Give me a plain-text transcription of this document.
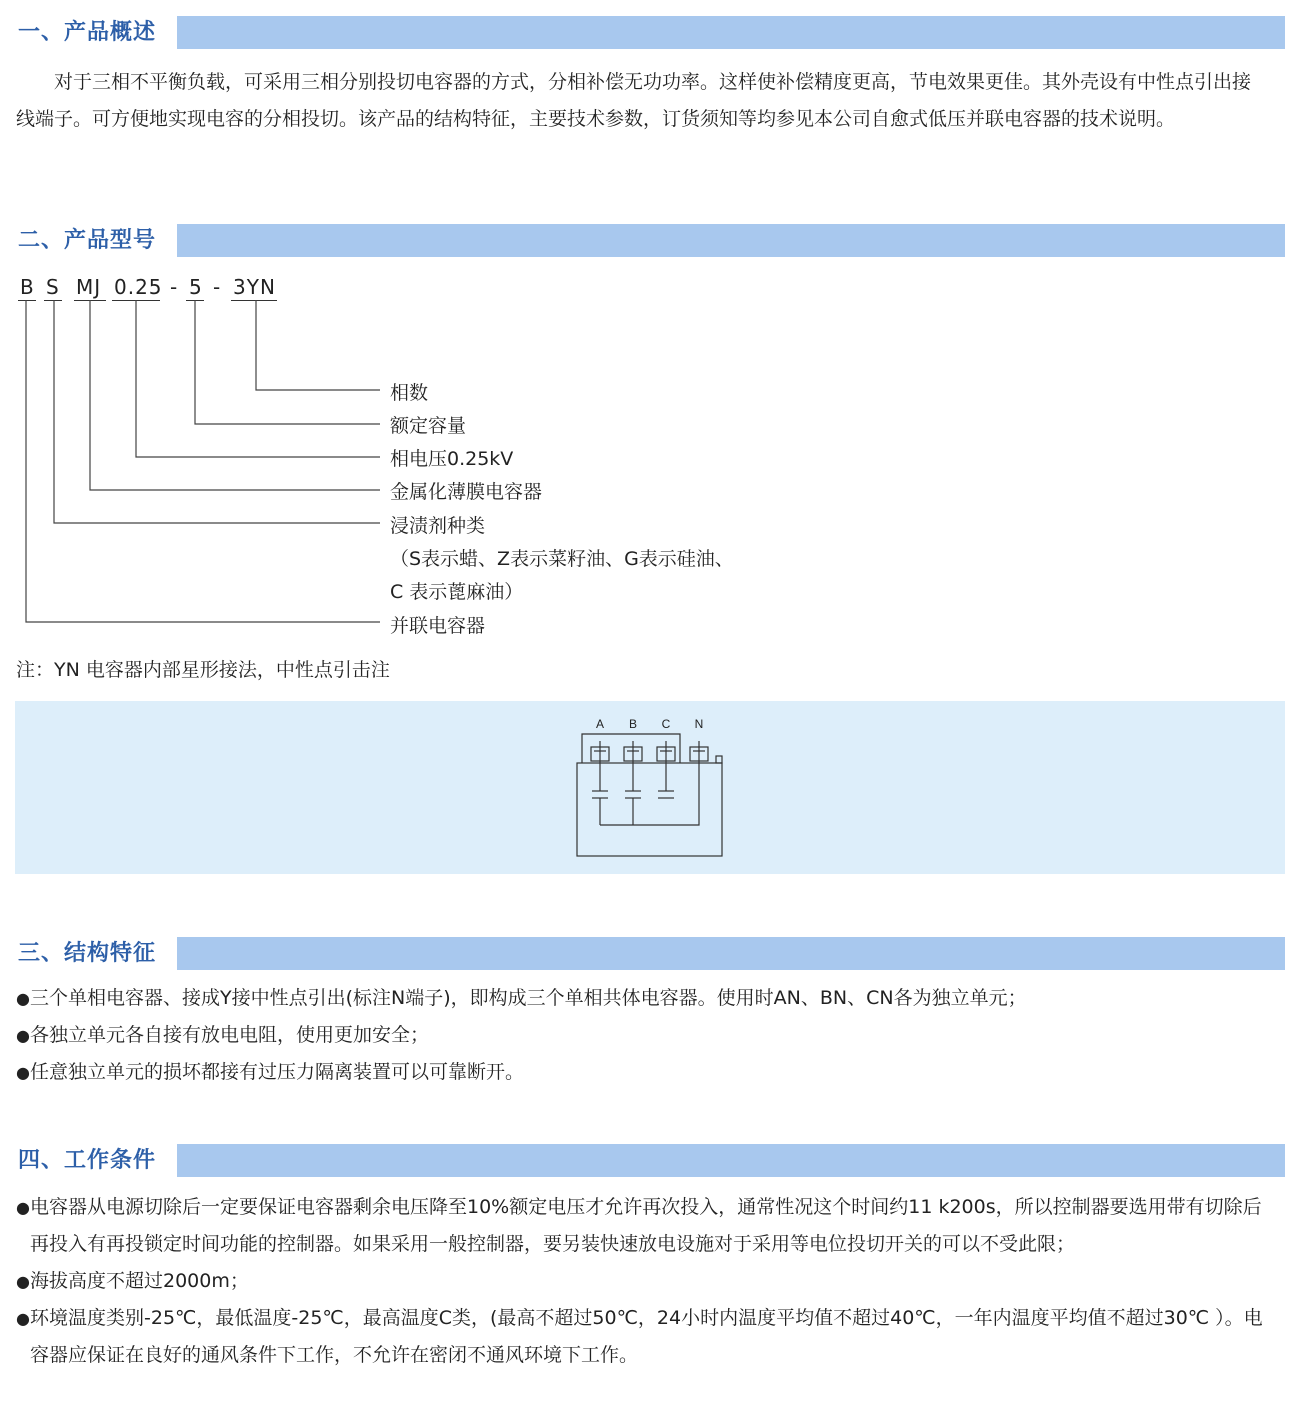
一、产品概述
对于三相不平衡负载，可采用三相分别投切电容器的方式，分相补偿无功功率。这样使补偿精度更高，节电效果更佳。其外壳设有中性点引出接线端子。可方便地实现电容的分相投切。该产品的结构特征，主要技术参数，订货须知等均参见本公司自愈式低压并联电容器的技术说明。
二、产品型号
B S MJ 0.25 - 5 - 3YN
相数
额定容量
相电压0.25kV
金属化薄膜电容器
浸渍剂种类
（S表示蜡、Z表示菜籽油、G表示硅油、
C 表示蓖麻油）
并联电容器
注：YN 电容器内部星形接法，中性点引击注
A B C N
三、结构特征
● 三个单相电容器、接成Y接中性点引出(标注N端子)，即构成三个单相共体电容器。使用时AN、BN、CN各为独立单元；
● 各独立单元各自接有放电电阻，使用更加安全；
● 任意独立单元的损坏都接有过压力隔离装置可以可靠断开。
四、工作条件
● 电容器从电源切除后一定要保证电容器剩余电压降至10%额定电压才允许再次投入，通常性况这个时间约11 k200s，所以控制器要选用带有切除后再投入有再投锁定时间功能的控制器。如果采用一般控制器，要另装快速放电设施对于采用等电位投切开关的可以不受此限；
● 海拔高度不超过2000m；
● 环境温度类别-25℃，最低温度-25℃，最高温度C类，(最高不超过50℃，24小时内温度平均值不超过40℃，一年内温度平均值不超过30℃ ）。电容器应保证在良好的通风条件下工作，不允许在密闭不通风环境下工作。
